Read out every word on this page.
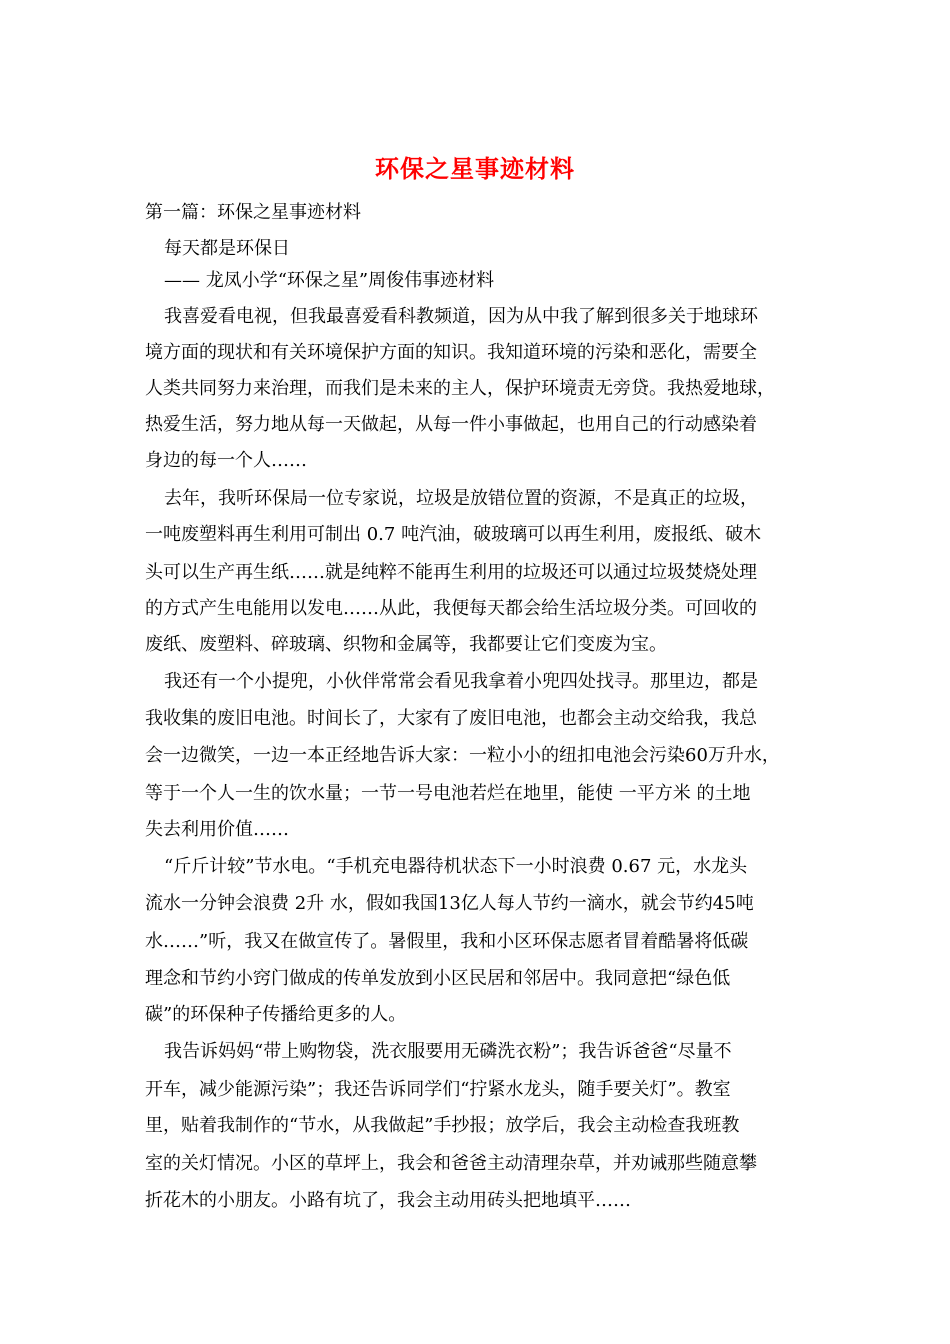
环保之星事迹材料
第一篇：环保之星事迹材料
每天都是环保日
—— 龙凤小学“环保之星”周俊伟事迹材料
我喜爱看电视，但我最喜爱看科教频道，因为从中我了解到很多关于地球环
境方面的现状和有关环境保护方面的知识。我知道环境的污染和恶化，需要全
人类共同努力来治理，而我们是未来的主人，保护环境责无旁贷。我热爱地球，
热爱生活，努力地从每一天做起，从每一件小事做起，也用自己的行动感染着
身边的每一个人……
去年，我听环保局一位专家说，垃圾是放错位置的资源，不是真正的垃圾，
一吨废塑料再生利用可制出 0.7 吨汽油，破玻璃可以再生利用，废报纸、破木
头可以生产再生纸……就是纯粹不能再生利用的垃圾还可以通过垃圾焚烧处理
的方式产生电能用以发电……从此，我便每天都会给生活垃圾分类。可回收的
废纸、废塑料、碎玻璃、织物和金属等，我都要让它们变废为宝。
我还有一个小提兜，小伙伴常常会看见我拿着小兜四处找寻。那里边，都是
我收集的废旧电池。时间长了，大家有了废旧电池，也都会主动交给我，我总
会一边微笑，一边一本正经地告诉大家：一粒小小的纽扣电池会污染60万升水，
等于一个人一生的饮水量；一节一号电池若烂在地里，能使 一平方米 的土地
失去利用价值……
“斤斤计较”节水电。“手机充电器待机状态下一小时浪费 0.67 元，水龙头
流水一分钟会浪费 2升 水，假如我国13亿人每人节约一滴水，就会节约45吨
水……”听，我又在做宣传了。暑假里，我和小区环保志愿者冒着酷暑将低碳
理念和节约小窍门做成的传单发放到小区民居和邻居中。我同意把“绿色低
碳”的环保种子传播给更多的人。
我告诉妈妈“带上购物袋，洗衣服要用无磷洗衣粉”；我告诉爸爸“尽量不
开车，减少能源污染”；我还告诉同学们“拧紧水龙头，随手要关灯”。教室
里，贴着我制作的“节水，从我做起”手抄报；放学后，我会主动检查我班教
室的关灯情况。小区的草坪上，我会和爸爸主动清理杂草，并劝诫那些随意攀
折花木的小朋友。小路有坑了，我会主动用砖头把地填平……
